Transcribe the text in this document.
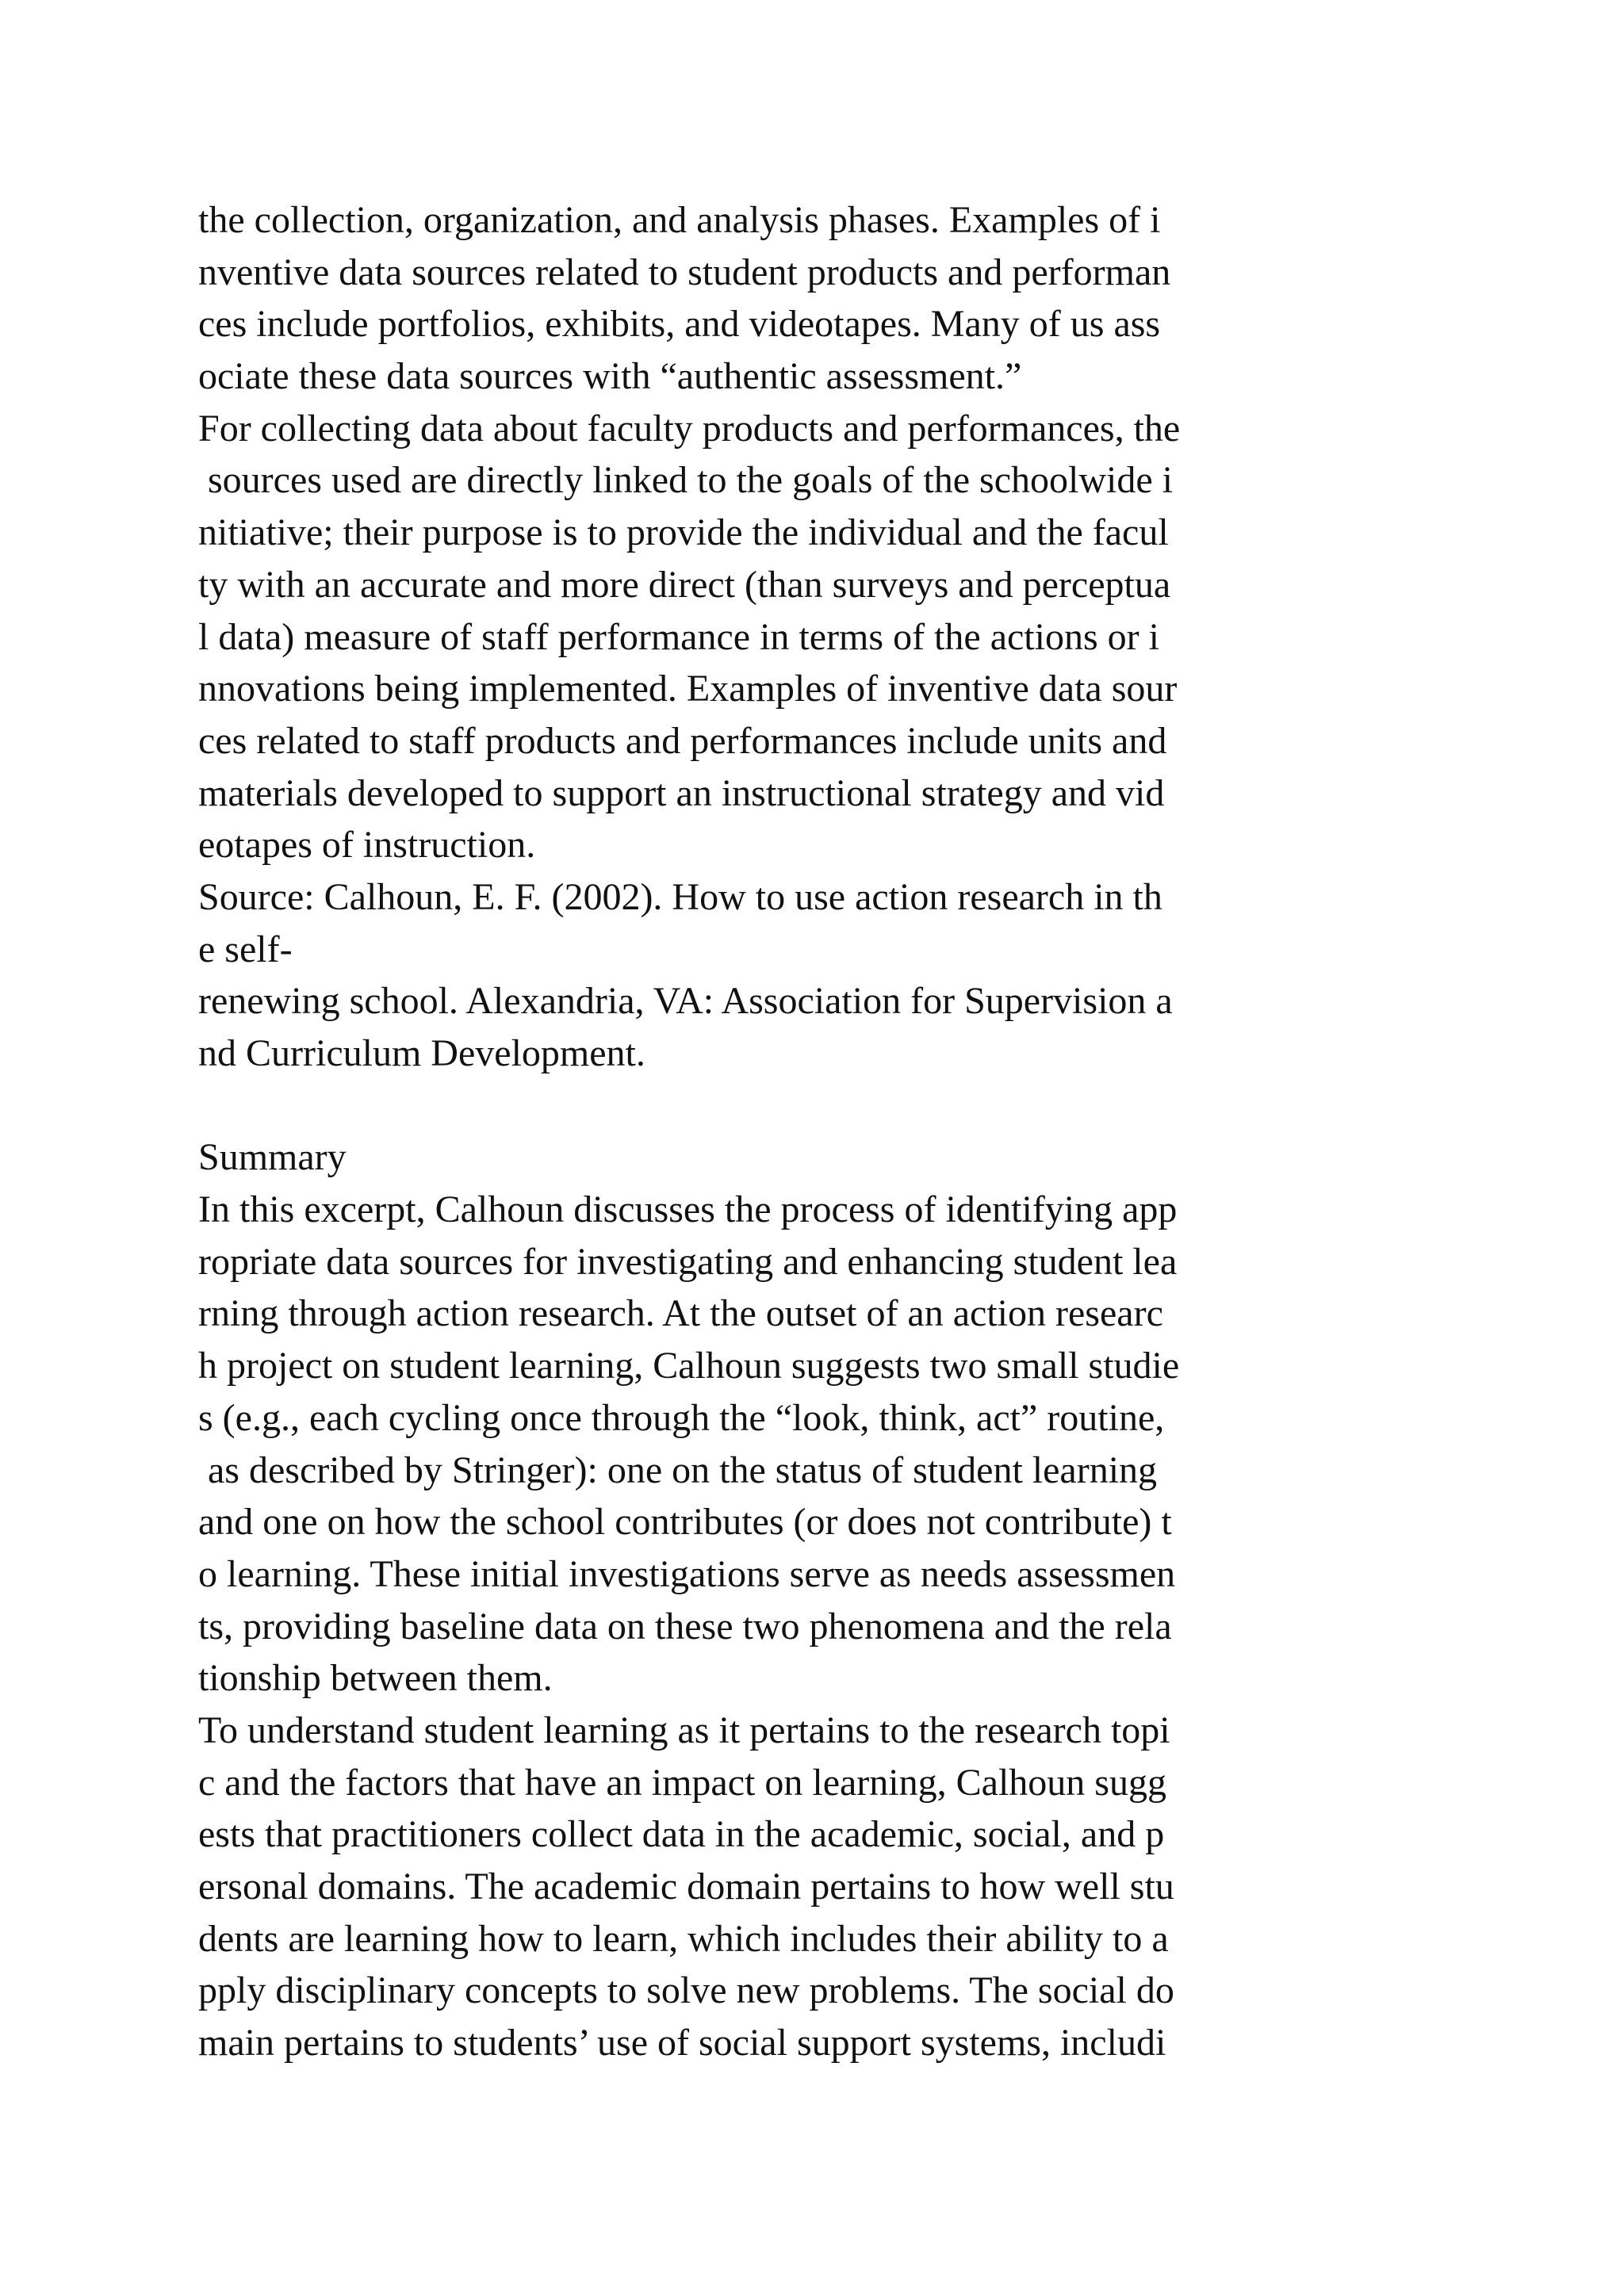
the collection, organization, and analysis phases. Examples of i
nventive data sources related to student products and performan
ces include portfolios, exhibits, and videotapes. Many of us ass
ociate these data sources with “authentic assessment.”
For collecting data about faculty products and performances, the
sources used are directly linked to the goals of the schoolwide i
nitiative; their purpose is to provide the individual and the facul
ty with an accurate and more direct (than surveys and perceptua
l data) measure of staff performance in terms of the actions or i
nnovations being implemented. Examples of inventive data sour
ces related to staff products and performances include units and
materials developed to support an instructional strategy and vid
eotapes of instruction.
Source: Calhoun, E. F. (2002). How to use action research in th
e self-
renewing school. Alexandria, VA: Association for Supervision a
nd Curriculum Development.
Summary
In this excerpt, Calhoun discusses the process of identifying app
ropriate data sources for investigating and enhancing student lea
rning through action research. At the outset of an action researc
h project on student learning, Calhoun suggests two small studie
s (e.g., each cycling once through the “look, think, act” routine,
as described by Stringer): one on the status of student learning
and one on how the school contributes (or does not contribute) t
o learning. These initial investigations serve as needs assessmen
ts, providing baseline data on these two phenomena and the rela
tionship between them.
To understand student learning as it pertains to the research topi
c and the factors that have an impact on learning, Calhoun sugg
ests that practitioners collect data in the academic, social, and p
ersonal domains. The academic domain pertains to how well stu
dents are learning how to learn, which includes their ability to a
pply disciplinary concepts to solve new problems. The social do
main pertains to students’ use of social support systems, includi
